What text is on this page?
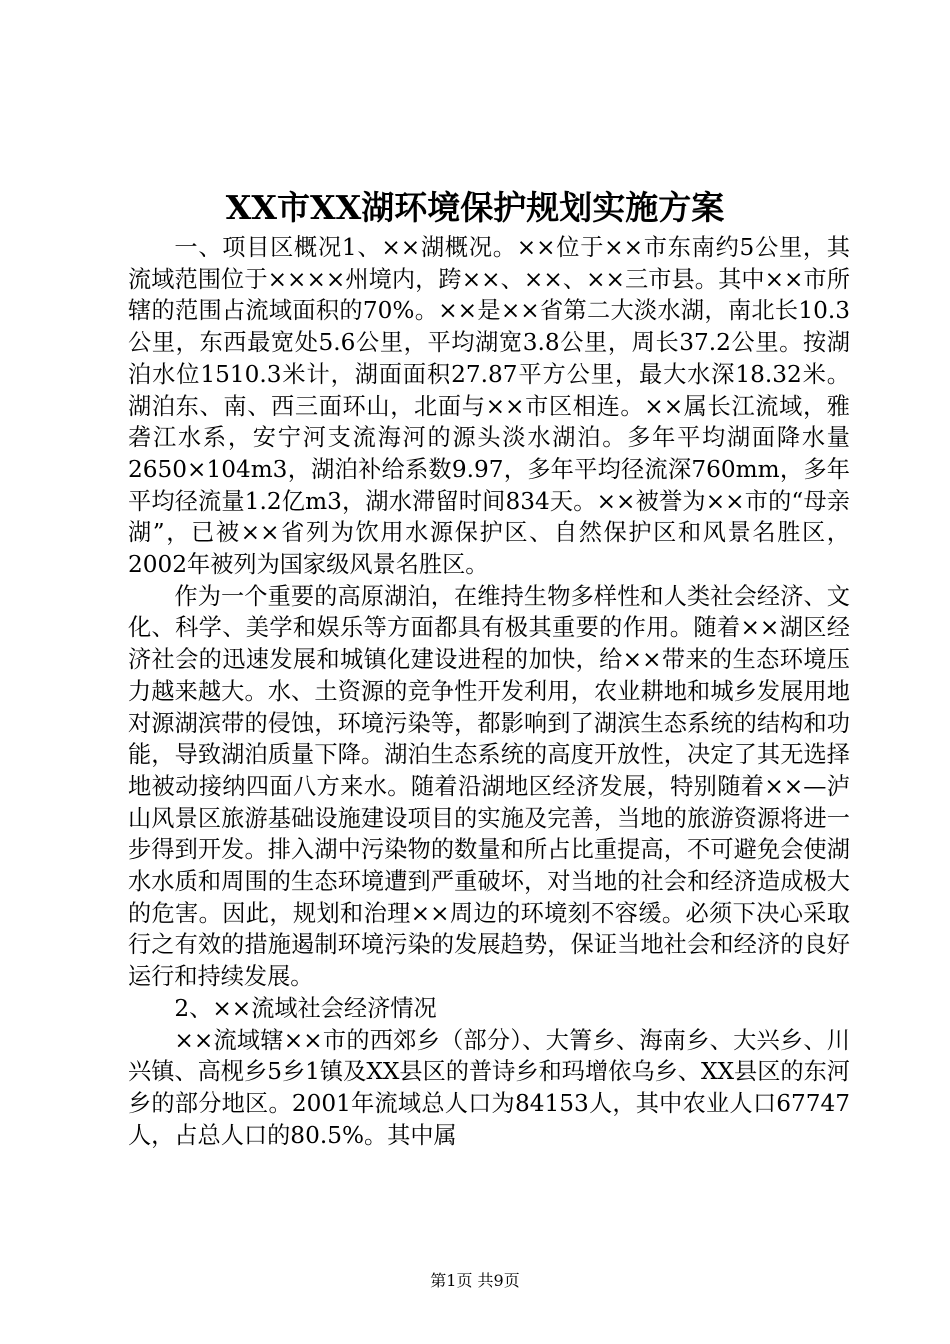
XX市XX湖环境保护规划实施方案

一、项目区概况1、××湖概况。××位于××市东南约5公里，其流域范围位于××××州境内，跨××、××、××三市县。其中××市所辖的范围占流域面积的70%。××是××省第二大淡水湖，南北长10.3公里，东西最宽处5.6公里，平均湖宽3.8公里，周长37.2公里。按湖泊水位1510.3米计，湖面面积27.87平方公里，最大水深18.32米。湖泊东、南、西三面环山，北面与××市区相连。××属长江流域，雅砻江水系，安宁河支流海河的源头淡水湖泊。多年平均湖面降水量2650×104m3，湖泊补给系数9.97，多年平均径流深760mm，多年平均径流量1.2亿m3，湖水滞留时间834天。××被誉为××市的“母亲湖”，已被××省列为饮用水源保护区、自然保护区和风景名胜区，2002年被列为国家级风景名胜区。

作为一个重要的高原湖泊，在维持生物多样性和人类社会经济、文化、科学、美学和娱乐等方面都具有极其重要的作用。随着××湖区经济社会的迅速发展和城镇化建设进程的加快，给××带来的生态环境压力越来越大。水、土资源的竞争性开发利用，农业耕地和城乡发展用地对源湖滨带的侵蚀，环境污染等，都影响到了湖滨生态系统的结构和功能，导致湖泊质量下降。湖泊生态系统的高度开放性，决定了其无选择地被动接纳四面八方来水。随着沿湖地区经济发展，特别随着××—泸山风景区旅游基础设施建设项目的实施及完善，当地的旅游资源将进一步得到开发。排入湖中污染物的数量和所占比重提高，不可避免会使湖水水质和周围的生态环境遭到严重破坏，对当地的社会和经济造成极大的危害。因此，规划和治理××周边的环境刻不容缓。必须下决心采取行之有效的措施遏制环境污染的发展趋势，保证当地社会和经济的良好运行和持续发展。

2、××流域社会经济情况

××流域辖××市的西郊乡（部分）、大箐乡、海南乡、大兴乡、川兴镇、高枧乡5乡1镇及XX县区的普诗乡和玛增依乌乡、XX县区的东河乡的部分地区。2001年流域总人口为84153人，其中农业人口67747人，占总人口的80.5%。其中属

第1页 共9页
